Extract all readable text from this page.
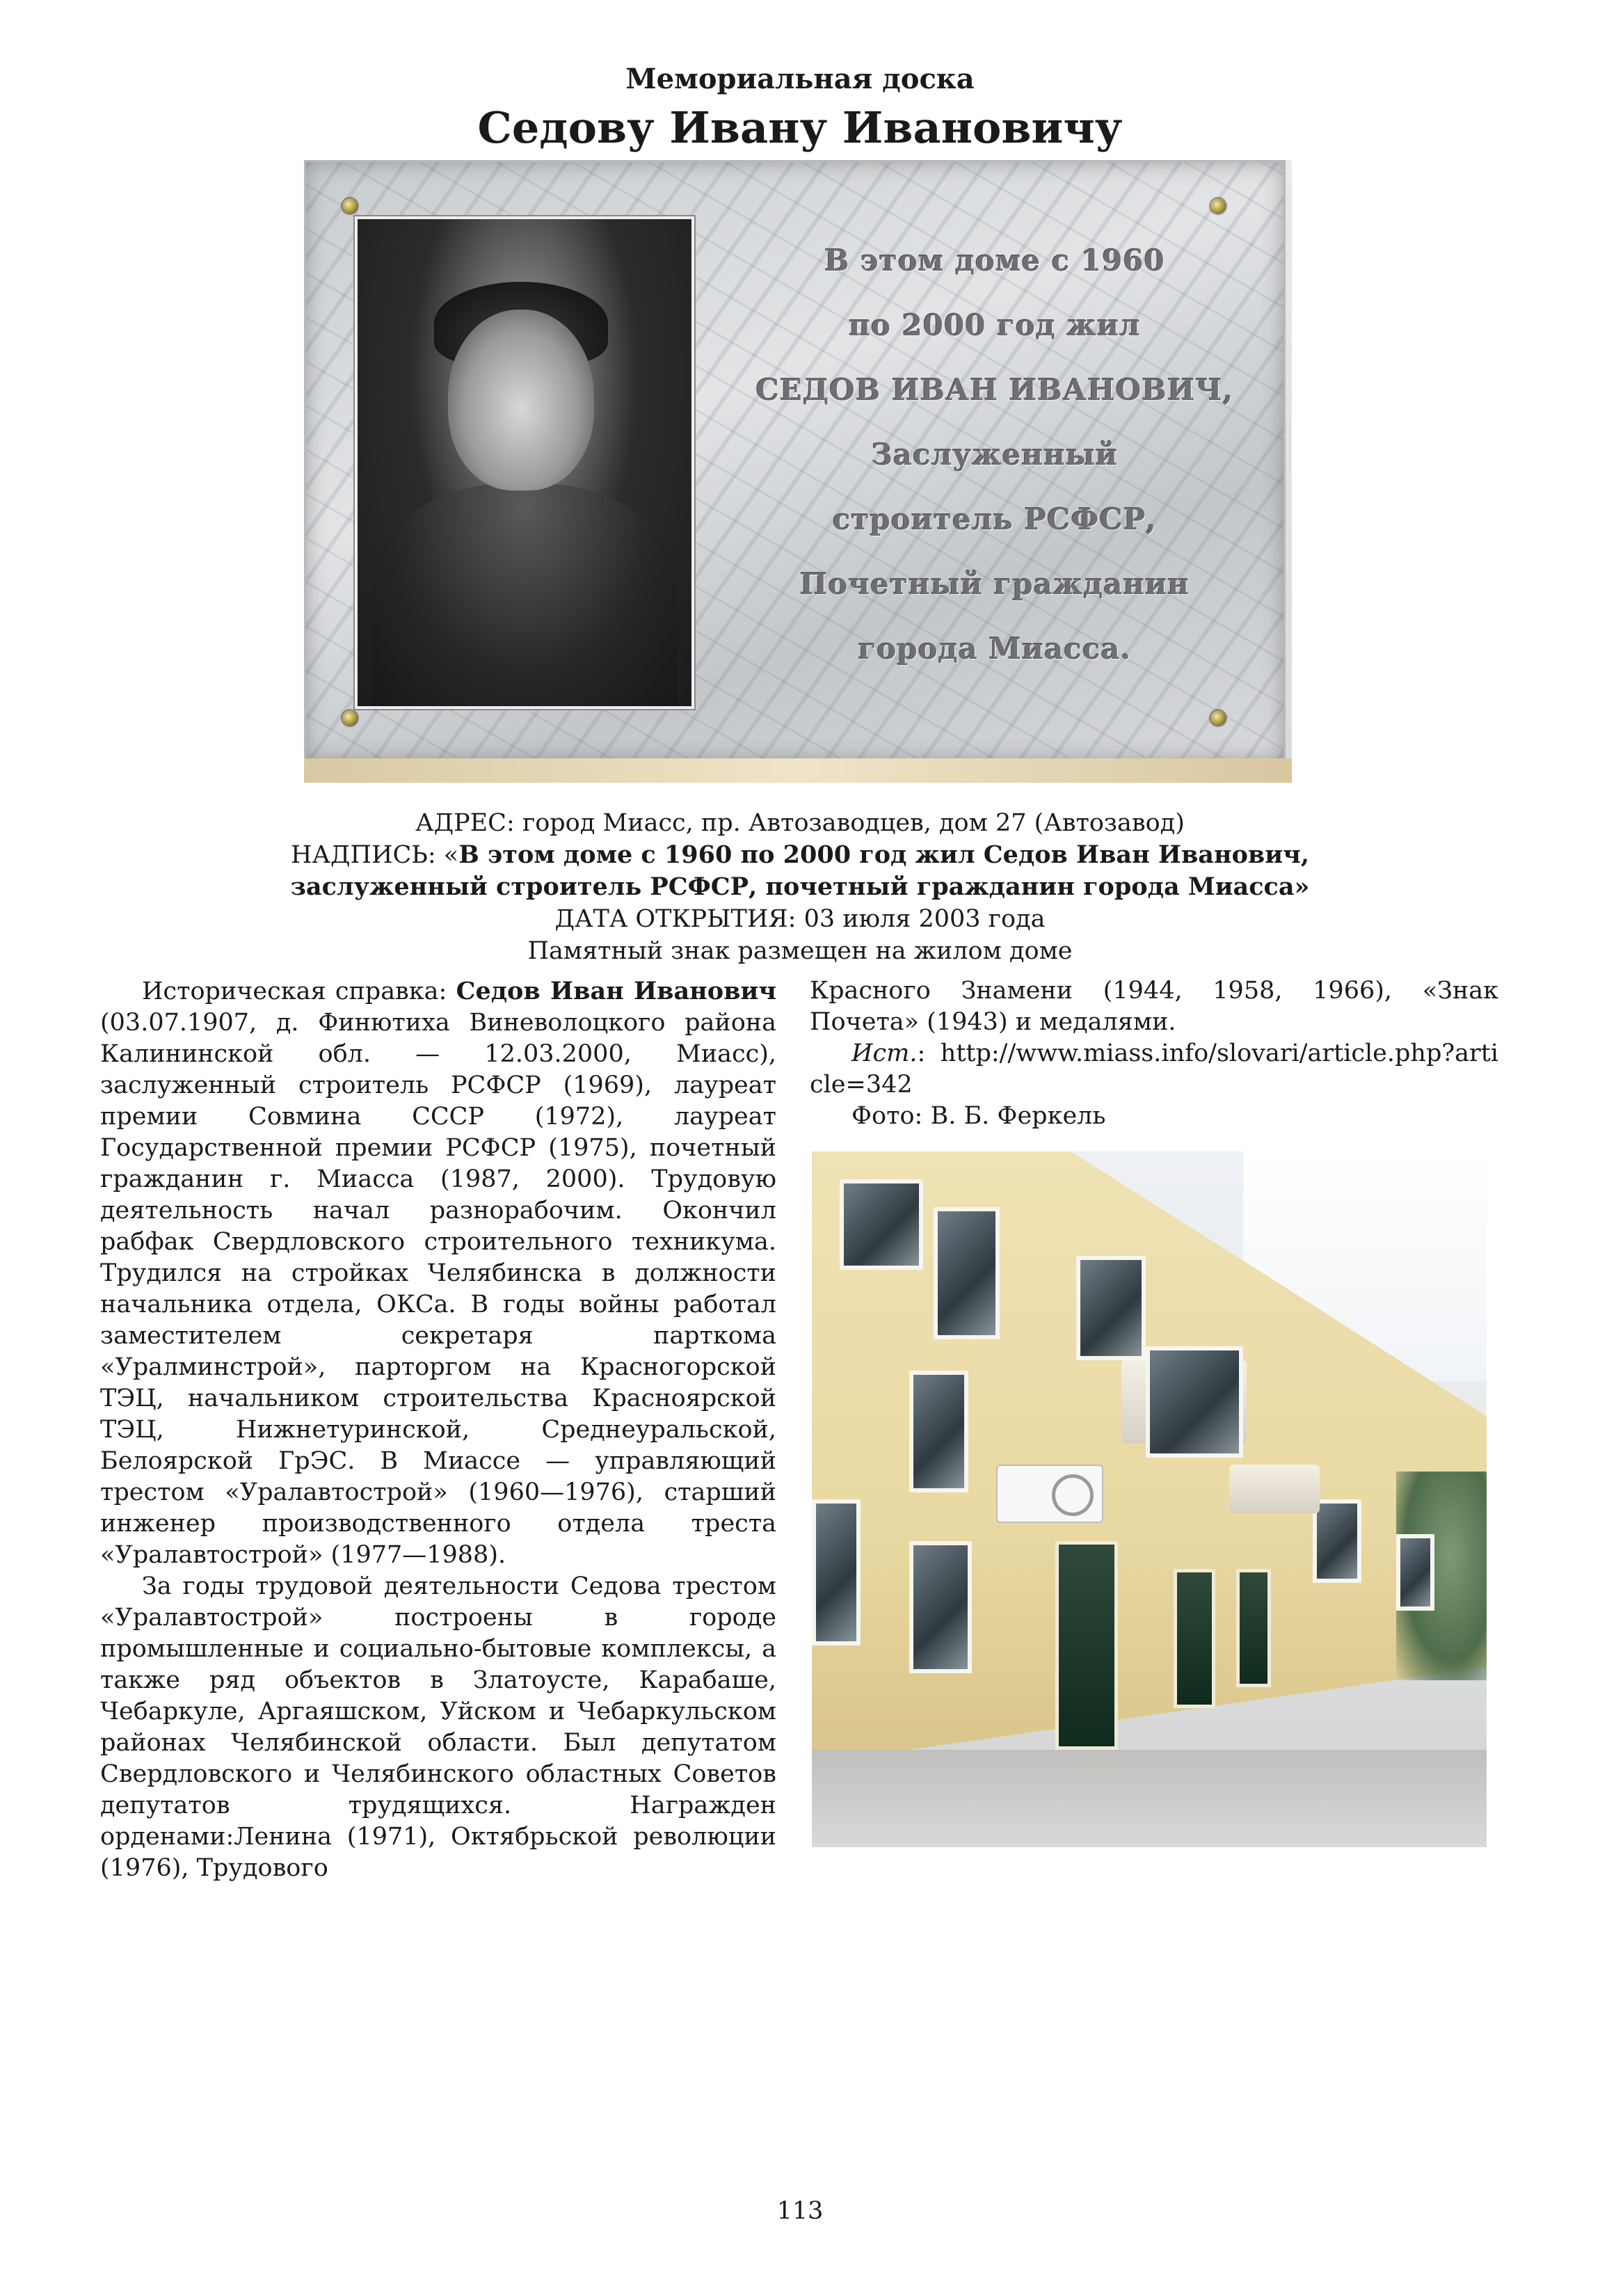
Мемориальная доска
Седову Ивану Ивановичу
В этом доме с 1960
по 2000 год жил
СЕДОВ ИВАН ИВАНОВИЧ,
Заслуженный
строитель РСФСР,
Почетный гражданин
города Миасса.
АДРЕС: город Миасс, пр. Автозаводцев, дом 27 (Автозавод)
НАДПИСЬ: «В этом доме с 1960 по 2000 год жил Седов Иван Иванович,
заслуженный строитель РСФСР, почетный гражданин города Миасса»
ДАТА ОТКРЫТИЯ: 03 июля 2003 года
Памятный знак размещен на жилом доме

Историческая справка: Седов Иван Иванович (03.07.1907, д. Финютиха Виневолоцкого района Калининской обл. — 12.03.2000, Миасс), заслуженный строитель РСФСР (1969), лауреат премии Совмина СССР (1972), лауреат Государственной премии РСФСР (1975), почетный гражданин г. Миасса (1987, 2000). Трудовую деятельность начал разнорабочим. Окончил рабфак Свердловского строительного техникума. Трудился на стройках Челябинска в должности начальника отдела, ОКСа. В годы войны работал заместителем секретаря парткома «Уралминстрой», парторгом на Красногорской ТЭЦ, начальником строительства Красноярской ТЭЦ, Нижнетуринской, Среднеуральской, Белоярской ГрЭС. В Миассе — управляющий трестом «Уралавтострой» (1960—1976), старший инженер производственного отдела треста «Уралавтострой» (1977—1988).

За годы трудовой деятельности Седова трестом «Уралавтострой» построены в городе промышленные и социально-бытовые комплексы, а также ряд объектов в Златоусте, Карабаше, Чебаркуле, Аргаяшском, Уйском и Чебаркульском районах Челябинской области. Был депутатом Свердловского и Челябинского областных Советов депутатов трудящихся. Награжден орденами:Ленина (1971), Октябрьской революции (1976), Трудового

Красного Знамени (1944, 1958, 1966), «Знак Почета» (1943) и медалями.

Ист.: http://www.miass.info/slovari/article.php?article=342

Фото: В. Б. Феркель

113
